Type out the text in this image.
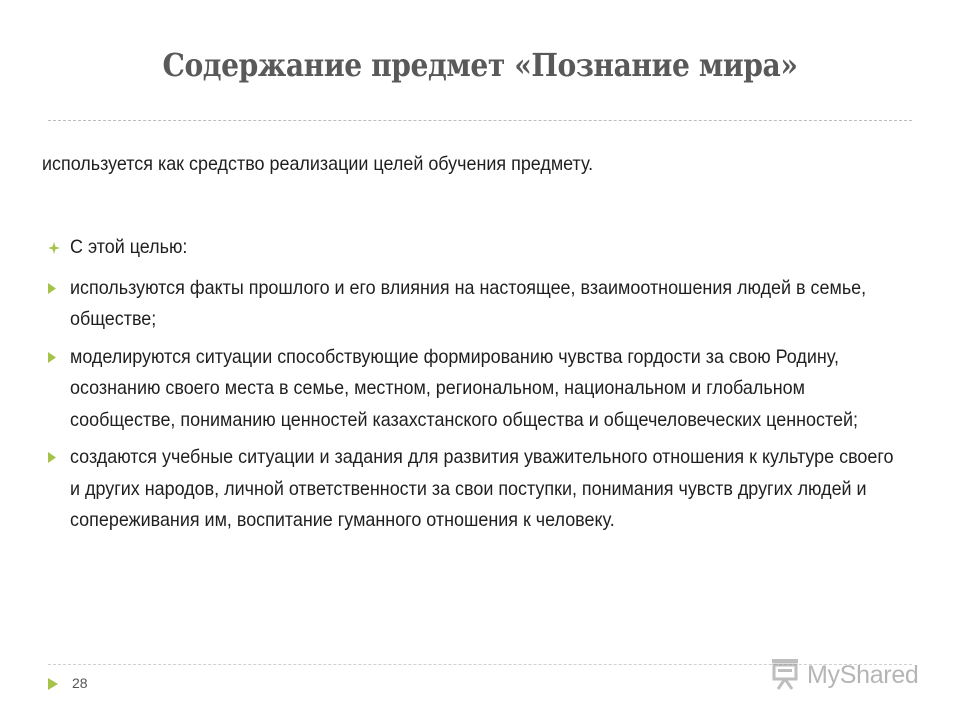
Содержание предмет «Познание мира»
используется как средство реализации целей обучения предмету.
С этой целью:
используются факты прошлого и его влияния на настоящее, взаимоотношения людей в семье, обществе;
моделируются ситуации способствующие формированию чувства гордости за свою Родину, осознанию своего места в семье, местном, региональном, национальном и глобальном сообществе, пониманию ценностей казахстанского общества и общечеловеческих ценностей;
создаются учебные ситуации и задания для развития уважительного отношения к культуре своего и других народов, личной ответственности за свои поступки, понимания чувств других людей и сопереживания им, воспитание гуманного отношения к человеку.
28	MyShared
